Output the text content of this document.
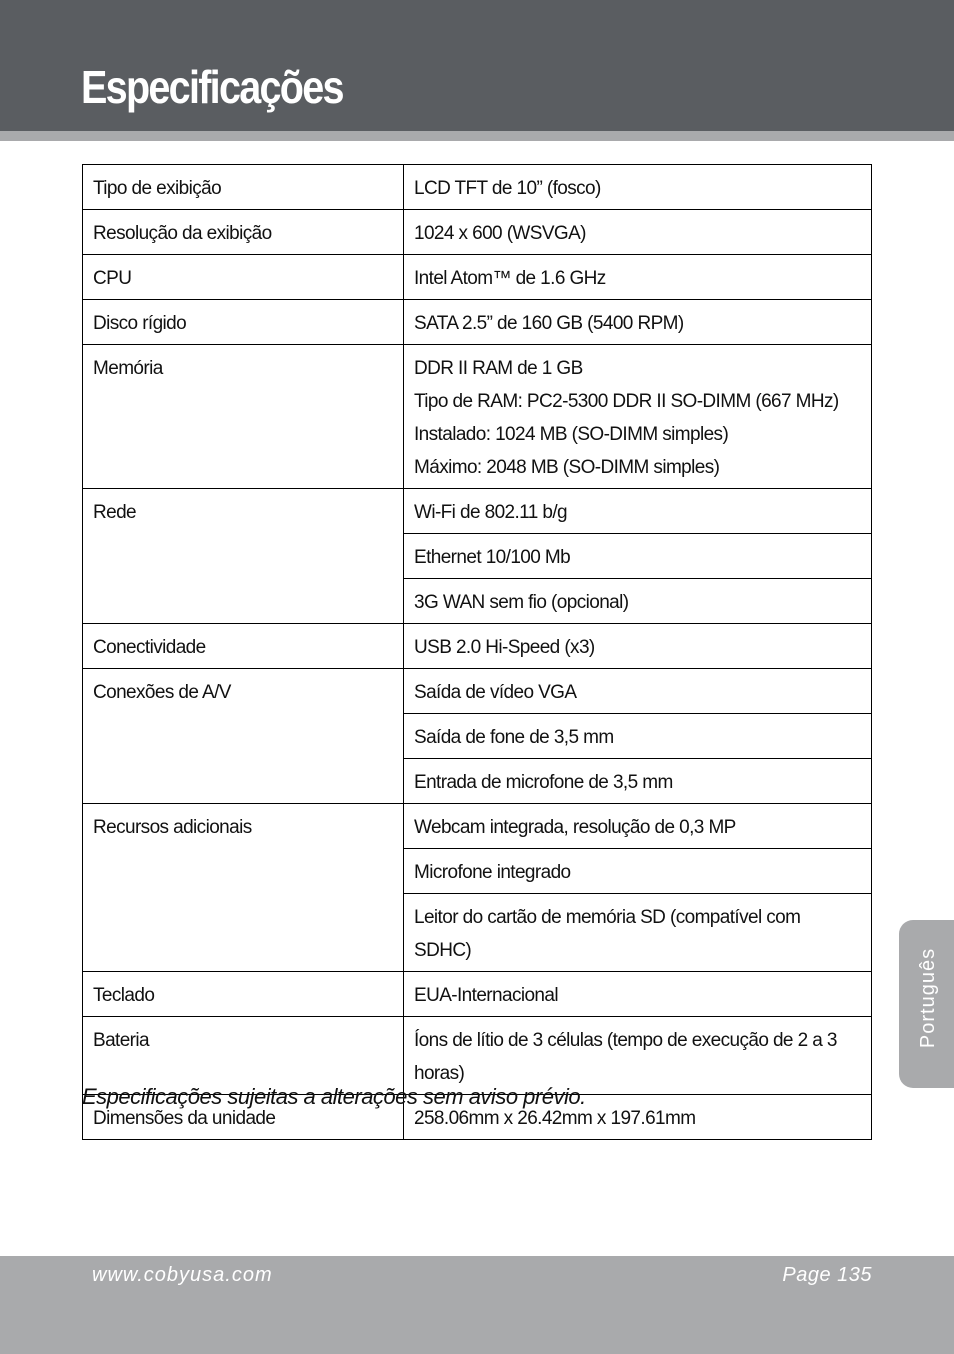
Especificações
Tipo de exibição	LCD TFT de 10” (fosco)
Resolução da exibição	1024 x 600 (WSVGA)
CPU	Intel Atom™ de 1.6 GHz
Disco rígido	SATA 2.5” de 160 GB (5400 RPM)
Memória	DDR II RAM de 1 GB
Tipo de RAM: PC2-5300 DDR II SO-DIMM (667 MHz)
Instalado: 1024 MB (SO-DIMM simples)
Máximo: 2048 MB (SO-DIMM simples)

Rede	Wi-Fi de 802.11 b/g
	Ethernet 10/100 Mb
	3G WAN sem fio (opcional)
Conectividade	USB 2.0 Hi-Speed (x3)
Conexões de A/V	Saída de vídeo VGA
	Saída de fone de 3,5 mm
	Entrada de microfone de 3,5 mm
Recursos adicionais	Webcam integrada, resolução de 0,3 MP
	Microfone integrado
	Leitor do cartão de memória SD (compatível com SDHC)
Teclado	EUA-Internacional
Bateria	Íons de lítio de 3 células (tempo de execução de 2 a 3 horas)
Dimensões da unidade	258.06mm x 26.42mm x 197.61mm
Especificações sujeitas a alterações sem aviso prévio.
Português
www.cobyusa.com	Page 135
